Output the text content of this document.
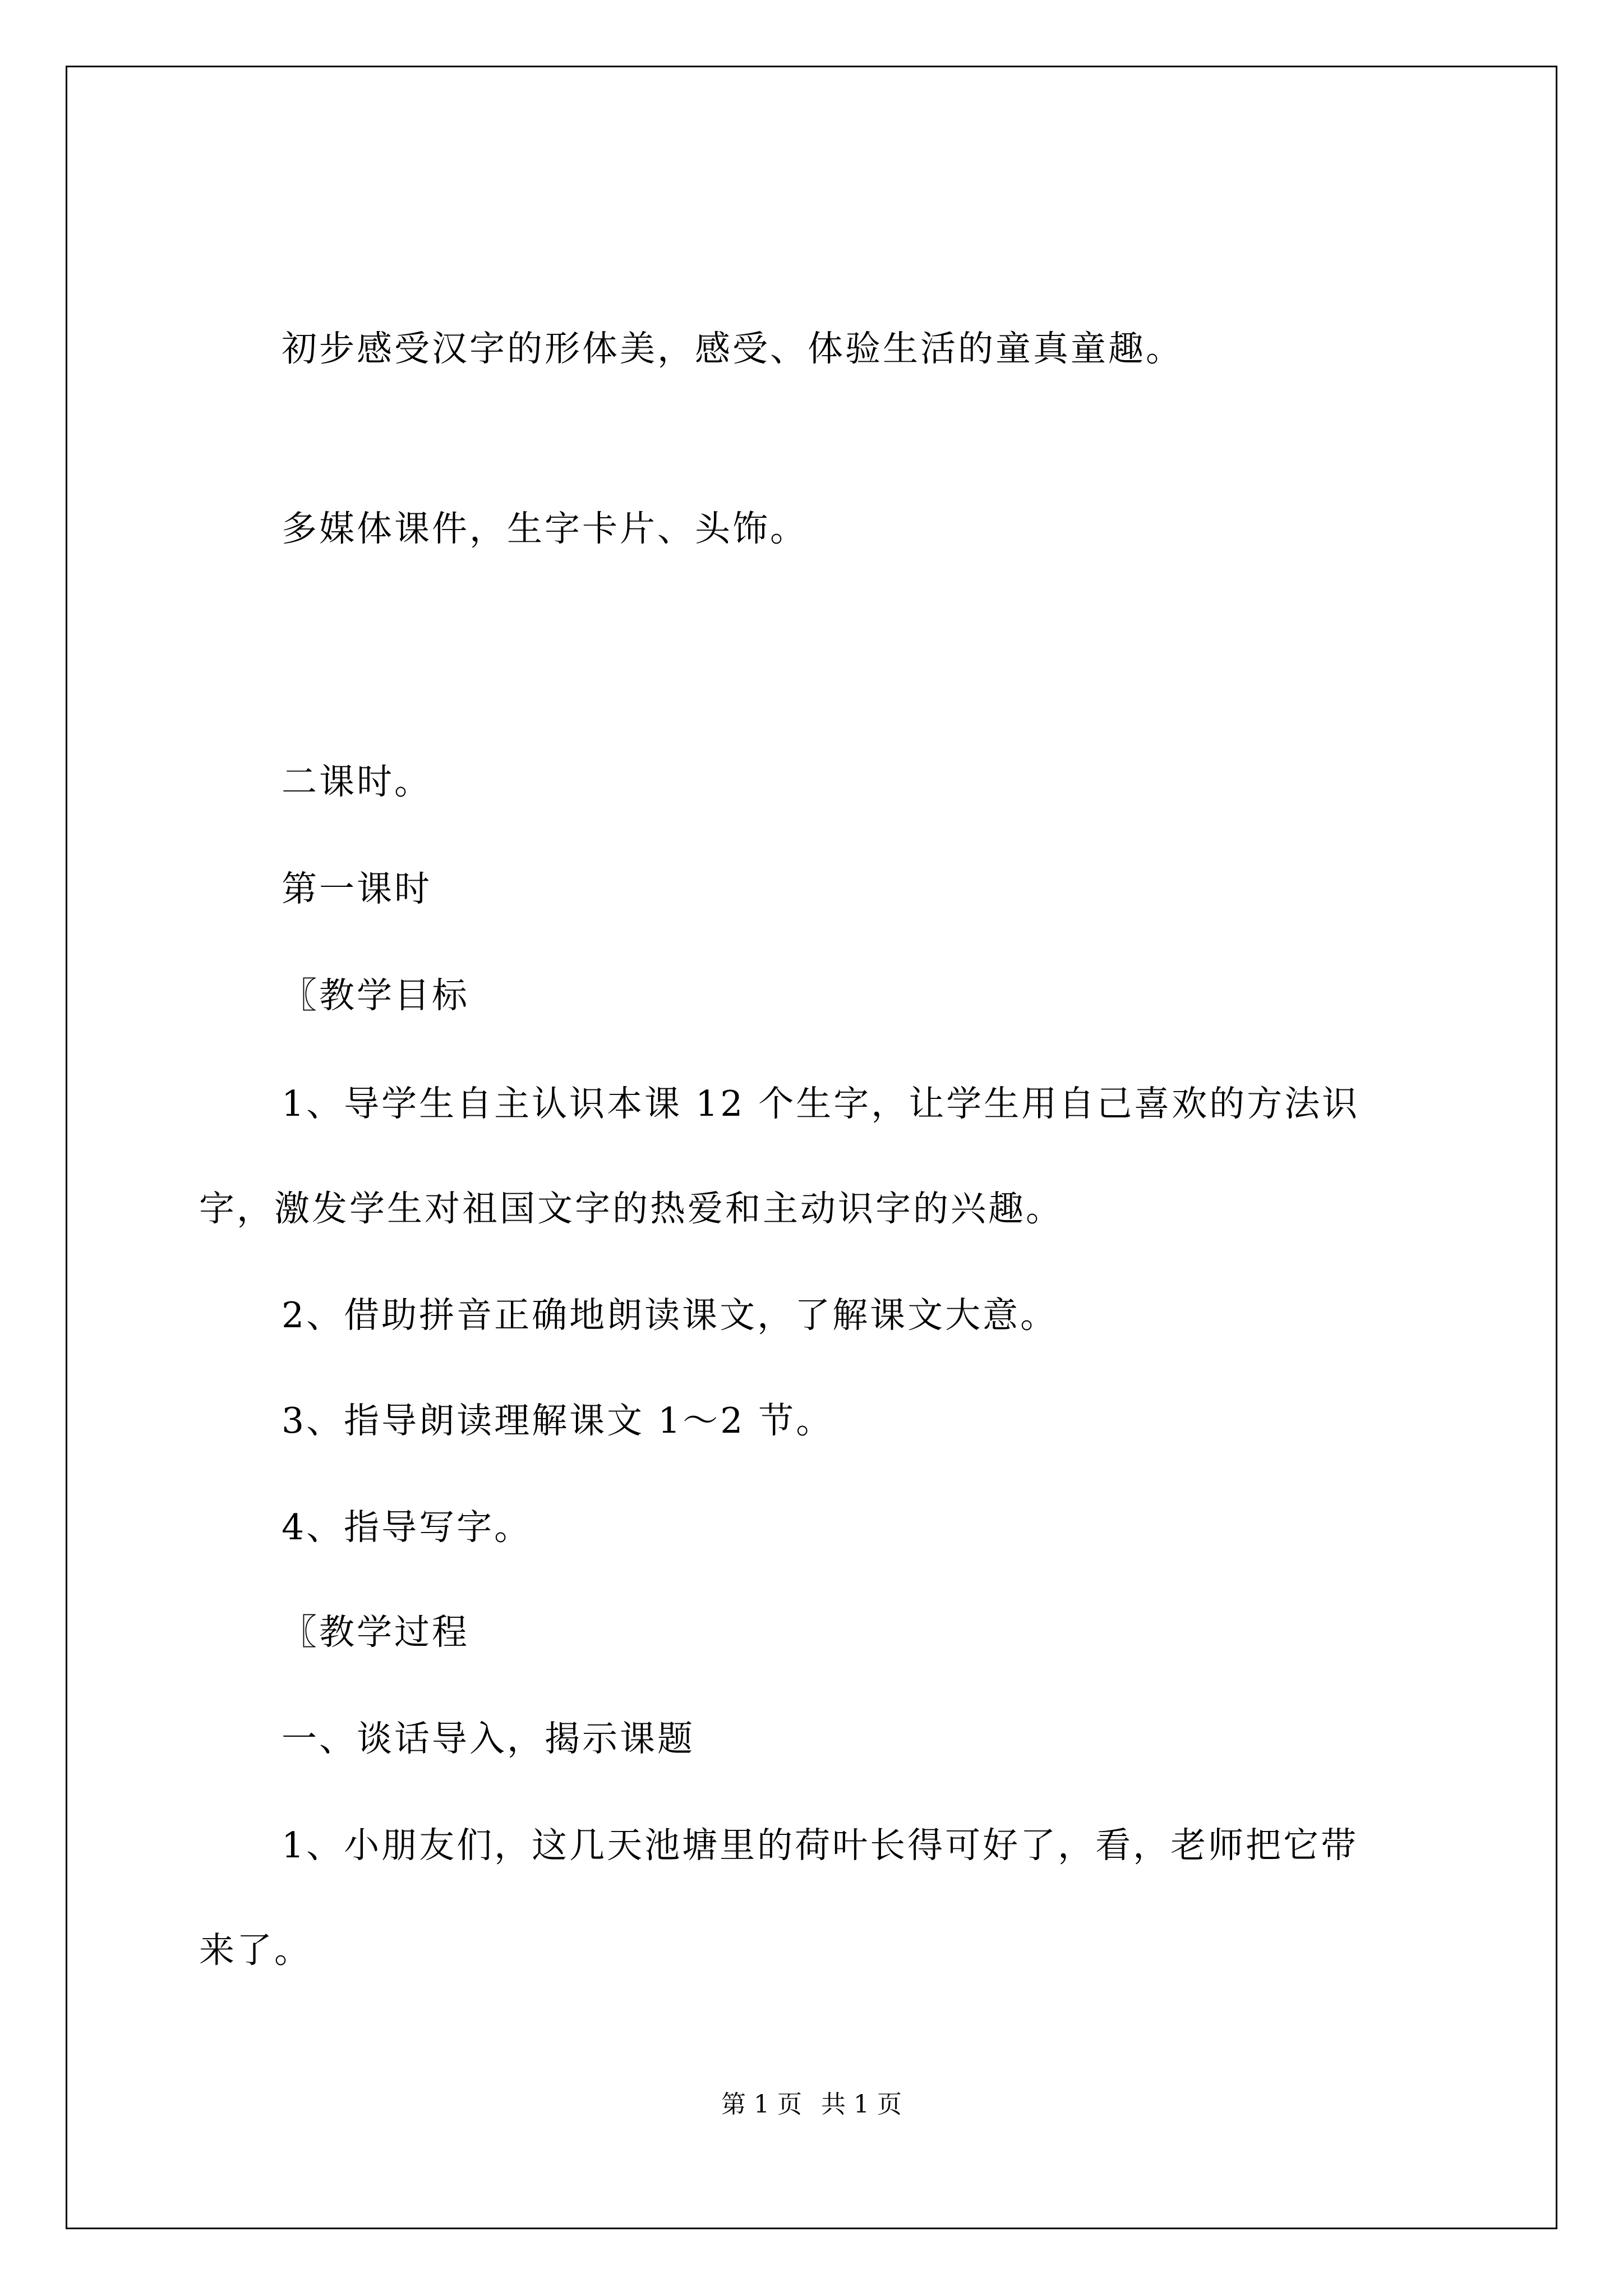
初步感受汉字的形体美，感受、体验生活的童真童趣。
多媒体课件，生字卡片、头饰。
二课时。
第一课时
〖教学目标
1、导学生自主认识本课 12 个生字，让学生用自己喜欢的方法识
字，激发学生对祖国文字的热爱和主动识字的兴趣。
2、借助拼音正确地朗读课文，了解课文大意。
3、指导朗读理解课文 1～2 节。
4、指导写字。
〖教学过程
一、谈话导入，揭示课题
1、小朋友们，这几天池塘里的荷叶长得可好了，看，老师把它带
来了。
第 1 页 共 1 页
